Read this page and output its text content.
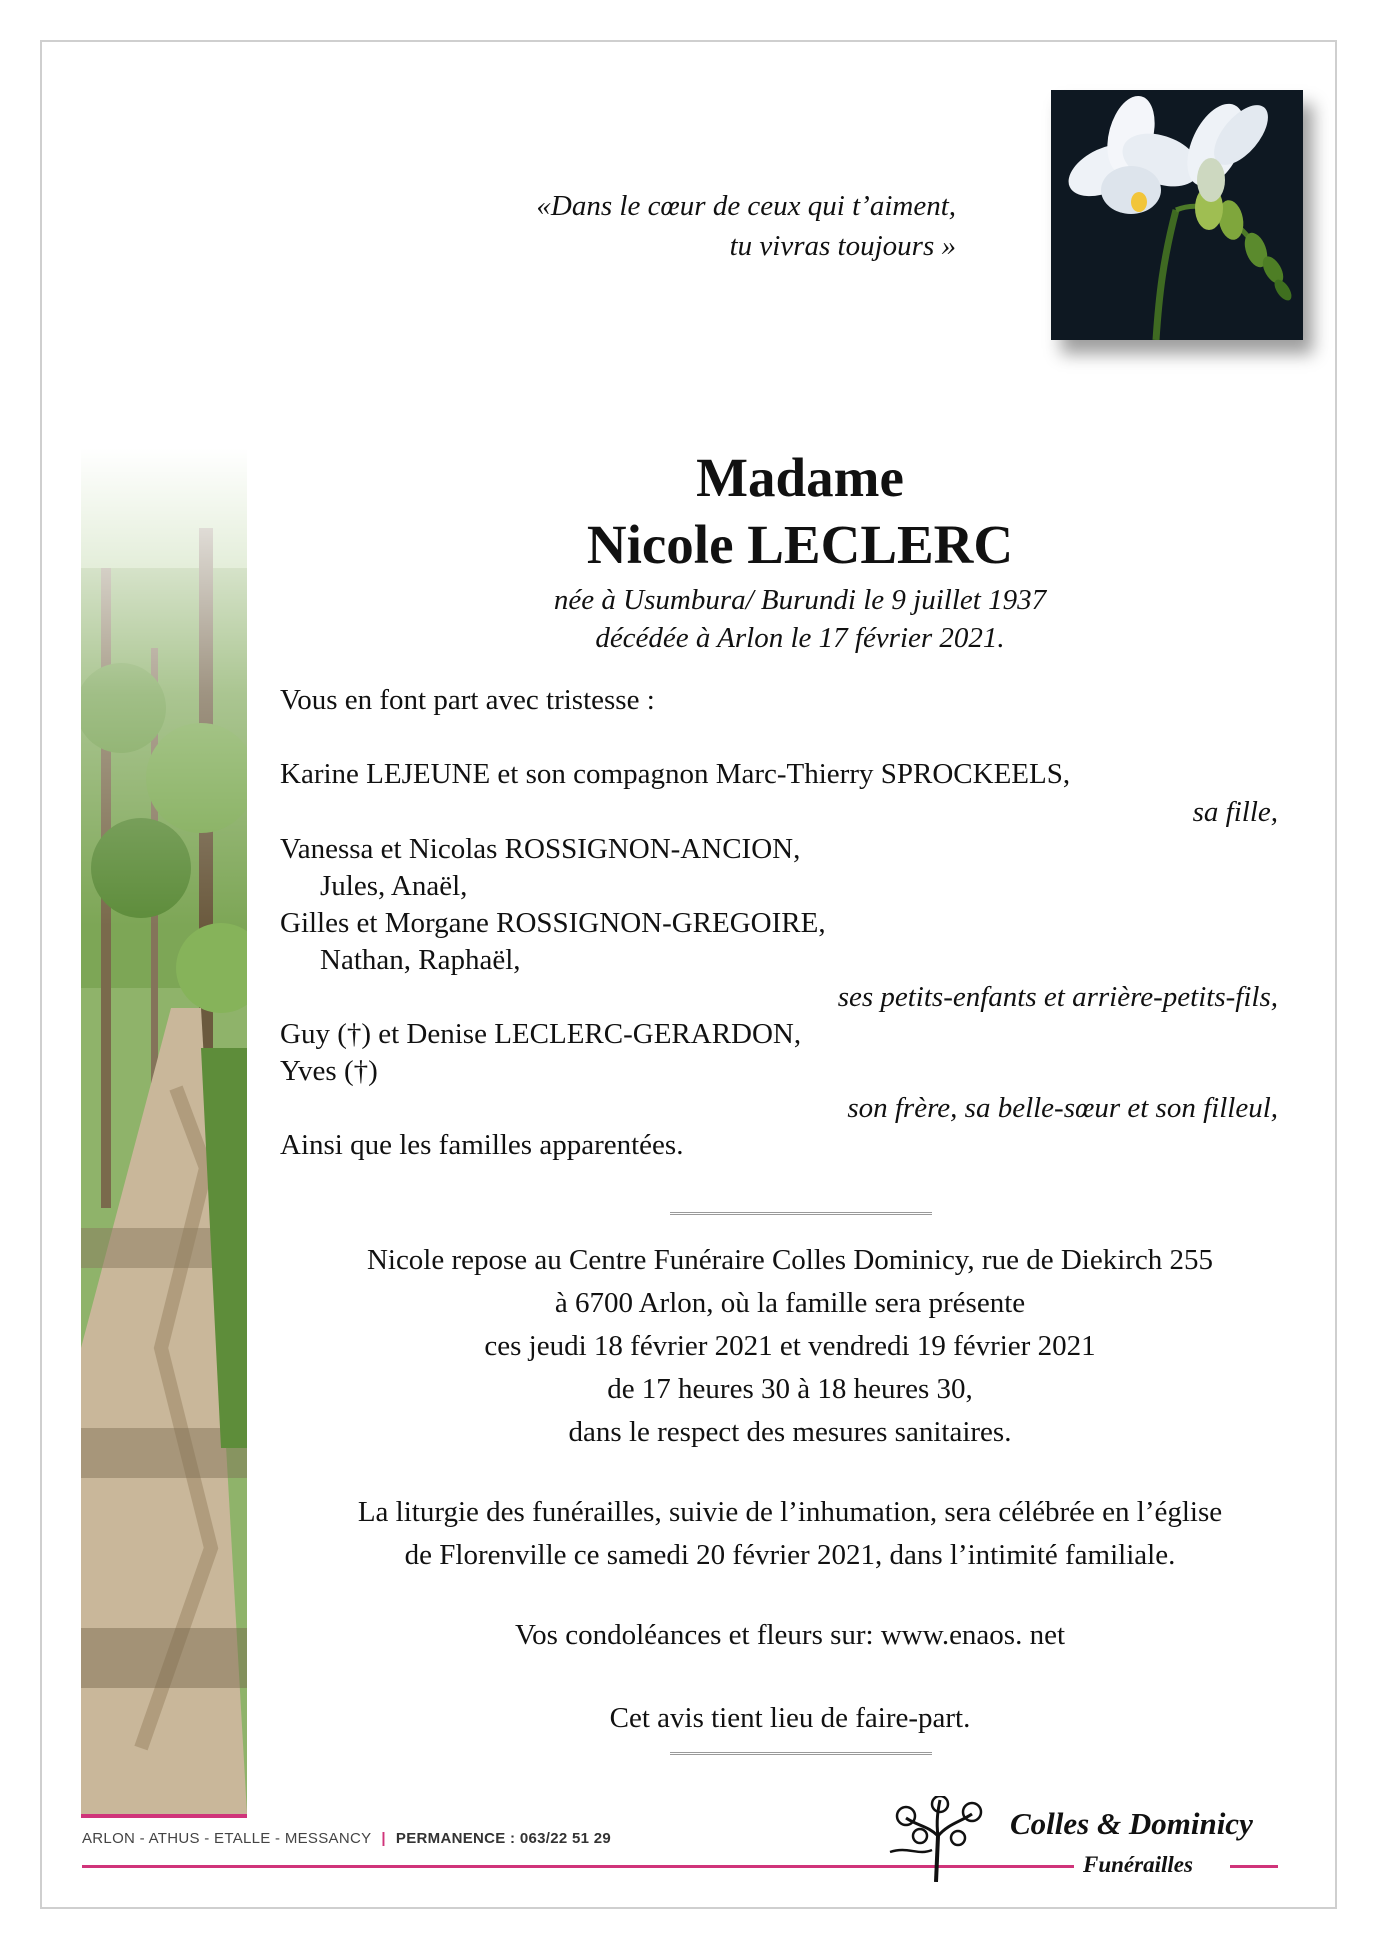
«Dans le cœur de ceux qui t’aiment,
tu vivras toujours »
Madame
Nicole LECLERC
née à Usumbura/ Burundi le 9 juillet 1937
décédée à Arlon le 17 février 2021.
Vous en font part avec tristesse :
Karine LEJEUNE et son compagnon Marc-Thierry SPROCKEELS,
sa fille,
Vanessa et Nicolas ROSSIGNON-ANCION,
Jules, Anaël,
Gilles et Morgane ROSSIGNON-GREGOIRE,
Nathan, Raphaël,
ses petits-enfants et arrière-petits-fils,
Guy (†) et Denise LECLERC-GERARDON,
Yves (†)
son frère, sa belle-sœur et son filleul,
Ainsi que les familles apparentées.
Nicole repose au Centre Funéraire Colles Dominicy, rue de Diekirch 255
à 6700 Arlon, où la famille sera présente
ces jeudi 18 février 2021 et vendredi 19 février 2021
de 17 heures 30 à 18 heures 30,
dans le respect des mesures sanitaires.
La liturgie des funérailles, suivie de l’inhumation, sera célébrée en l’église
de Florenville ce samedi 20 février 2021, dans l’intimité familiale.
Vos condoléances et fleurs sur: www.enaos. net
Cet avis tient lieu de faire-part.
ARLON - ATHUS - ETALLE - MESSANCY | PERMANENCE : 063/22 51 29	Colles & Dominicy
Funérailles
